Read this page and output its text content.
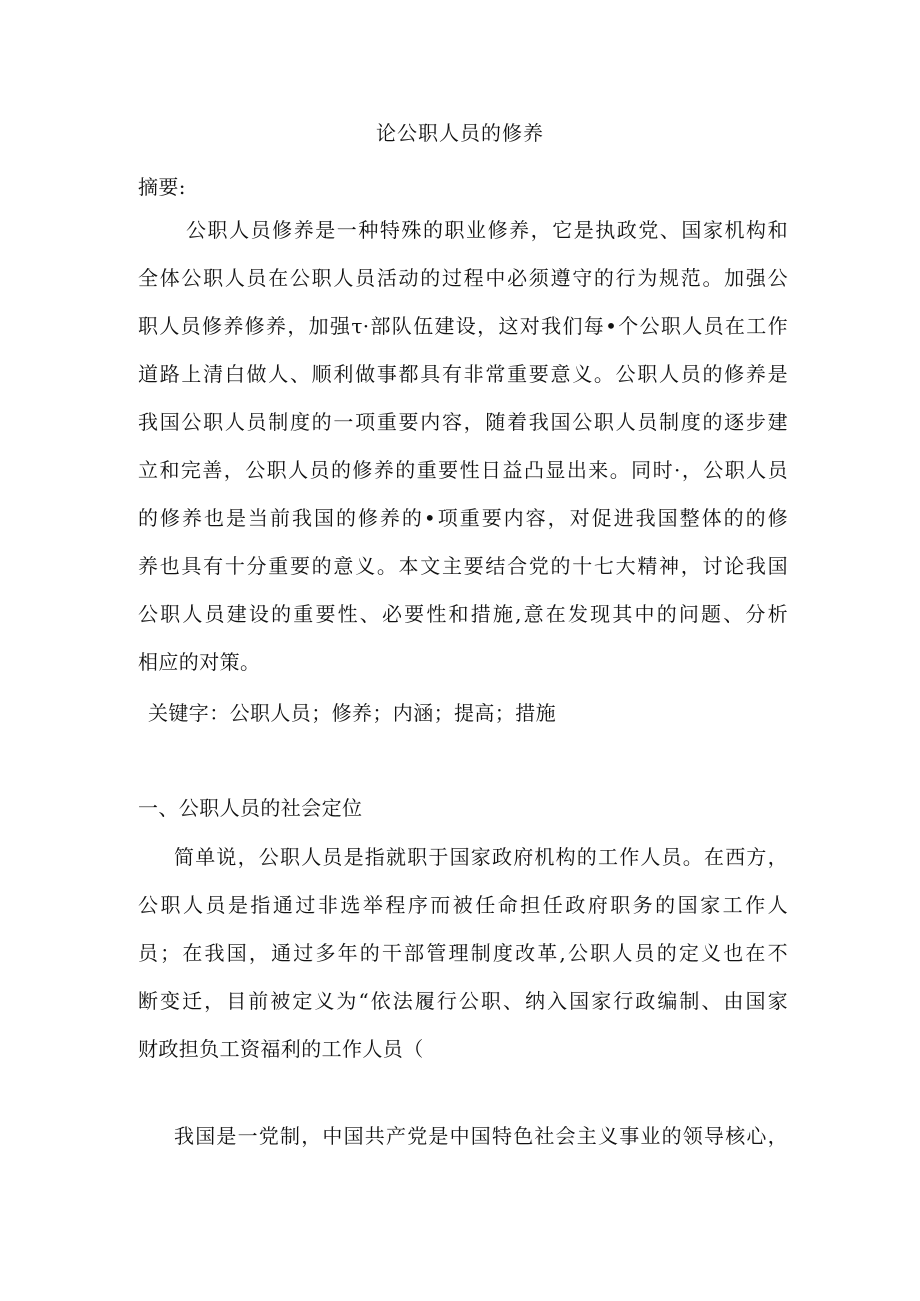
论公职人员的修养
摘要:
公职人员修养是一种特殊的职业修养，它是执政党、国家机构和
全体公职人员在公职人员活动的过程中必须遵守的行为规范。加强公
职人员修养修养，加强τ·部队伍建设，这对我们每•个公职人员在工作
道路上清白做人、顺利做事都具有非常重要意义。公职人员的修养是
我国公职人员制度的一项重要内容，随着我国公职人员制度的逐步建
立和完善，公职人员的修养的重要性日益凸显出来。同时·，公职人员
的修养也是当前我国的修养的•项重要内容，对促进我国整体的的修
养也具有十分重要的意义。本文主要结合党的十七大精神，讨论我国
公职人员建设的重要性、必要性和措施,意在发现其中的问题、分析
相应的对策。
关键字：公职人员；修养；内涵；提高；措施
一、公职人员的社会定位
简单说，公职人员是指就职于国家政府机构的工作人员。在西方，
公职人员是指通过非选举程序而被任命担任政府职务的国家工作人
员；在我国，通过多年的干部管理制度改革,公职人员的定义也在不
断变迁，目前被定义为“依法履行公职、纳入国家行政编制、由国家
财政担负工资福利的工作人员（
我国是一党制，中国共产党是中国特色社会主义事业的领导核心，
